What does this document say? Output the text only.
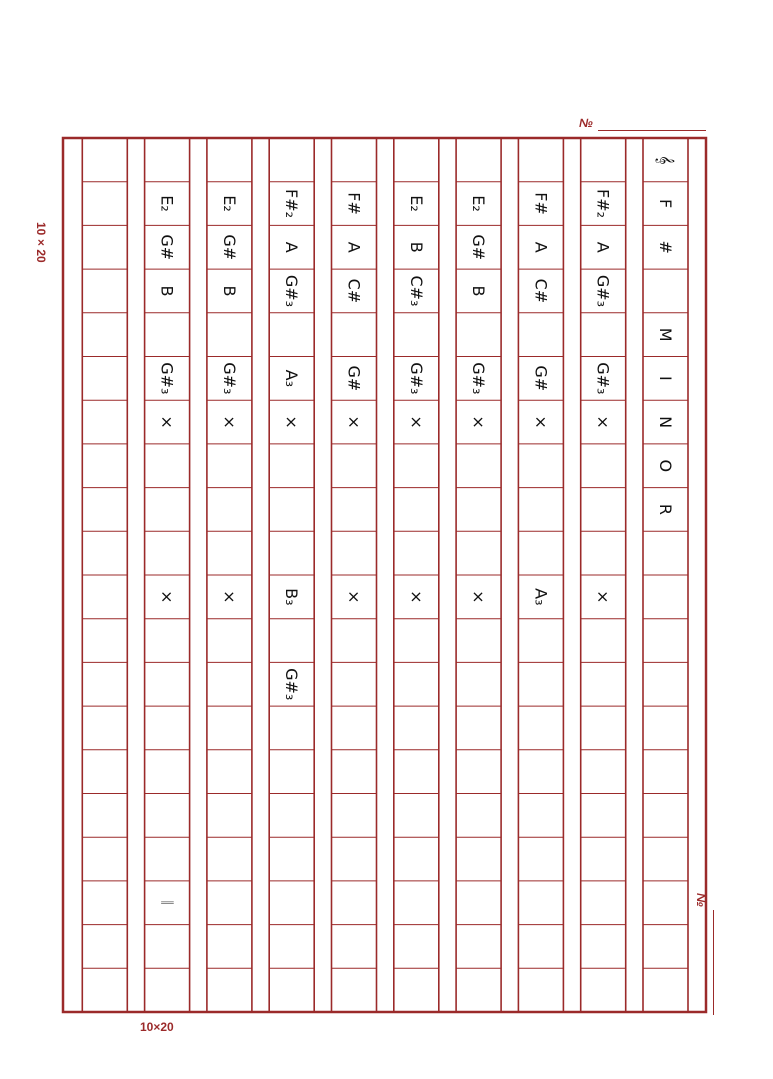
№
№
10×20
10×20
𝄞
F
#
M
I
N
O
R
F#₂
A
G#₃
G#₃
×
×
F#
A
C#
G#
×
A₃
E₂
G#
B
G#₃
×
×
E₂
B
C#₃
G#₃
×
×
F#
A
C#
G#
×
×
F#₂
A
G#₃
A₃
×
B₃
G#₃
E₂
G#
B
G#₃
×
×
E₂
G#
B
G#₃
×
×
𝄁
